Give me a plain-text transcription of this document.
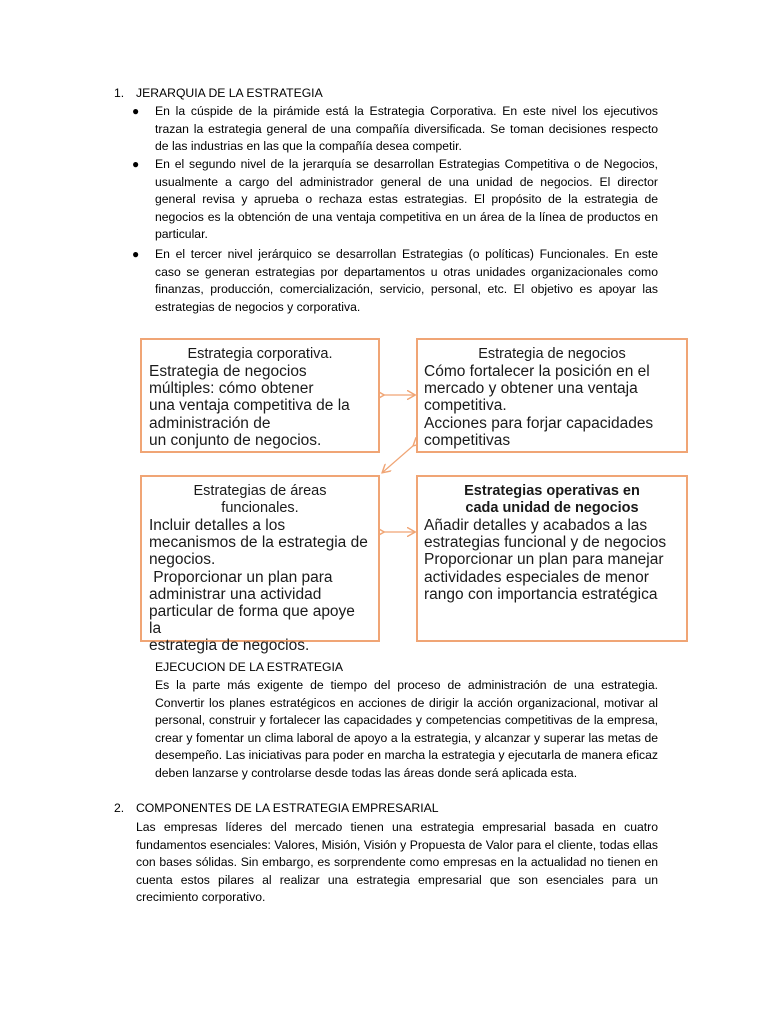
1. JERARQUIA DE LA ESTRATEGIA
● En la cúspide de la pirámide está la Estrategia Corporativa. En este nivel los ejecutivos trazan la estrategia general de una compañía diversificada. Se toman decisiones respecto de las industrias en las que la compañía desea competir.
● En el segundo nivel de la jerarquía se desarrollan Estrategias Competitiva o de Negocios, usualmente a cargo del administrador general de una unidad de negocios. El director general revisa y aprueba o rechaza estas estrategias. El propósito de la estrategia de negocios es la obtención de una ventaja competitiva en un área de la línea de productos en particular.
● En el tercer nivel jerárquico se desarrollan Estrategias (o políticas) Funcionales. En este caso se generan estrategias por departamentos u otras unidades organizacionales como finanzas, producción, comercialización, servicio, personal, etc. El objetivo es apoyar las estrategias de negocios y corporativa.
Estrategia corporativa.
Estrategia de negocios
múltiples: cómo obtener
una ventaja competitiva de la
administración de
un conjunto de negocios.
Estrategia de negocios
Cómo fortalecer la posición en el
mercado y obtener una ventaja
competitiva.
Acciones para forjar capacidades
competitivas
Estrategias de áreas
funcionales.
Incluir detalles a los
mecanismos de la estrategia de
negocios.
Proporcionar un plan para
administrar una actividad
particular de forma que apoye la
estrategia de negocios.
Estrategias operativas en
cada unidad de negocios
Añadir detalles y acabados a las
estrategias funcional y de negocios
Proporcionar un plan para manejar
actividades especiales de menor
rango con importancia estratégica
EJECUCION DE LA ESTRATEGIA
Es la parte más exigente de tiempo del proceso de administración de una estrategia. Convertir los planes estratégicos en acciones de dirigir la acción organizacional, motivar al personal, construir y fortalecer las capacidades y competencias competitivas de la empresa, crear y fomentar un clima laboral de apoyo a la estrategia, y alcanzar y superar las metas de desempeño. Las iniciativas para poder en marcha la estrategia y ejecutarla de manera eficaz deben lanzarse y controlarse desde todas las áreas donde será aplicada esta.
2. COMPONENTES DE LA ESTRATEGIA EMPRESARIAL
Las empresas líderes del mercado tienen una estrategia empresarial basada en cuatro fundamentos esenciales: Valores, Misión, Visión y Propuesta de Valor para el cliente, todas ellas con bases sólidas. Sin embargo, es sorprendente como empresas en la actualidad no tienen en cuenta estos pilares al realizar una estrategia empresarial que son esenciales para un crecimiento corporativo.
